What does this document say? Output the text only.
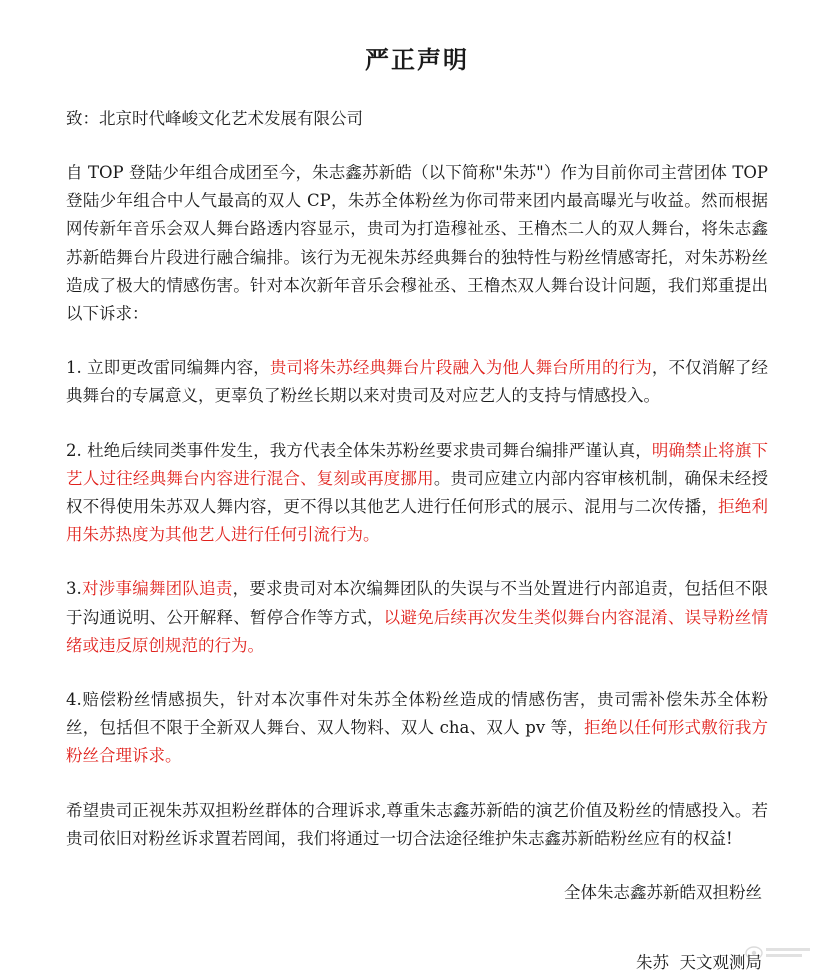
严正声明
致：北京时代峰峻文化艺术发展有限公司

自 TOP 登陆少年组合成团至今，朱志鑫苏新皓（以下简称"朱苏"）作为目前你司主营团体 TOP 登陆少年组合中人气最高的双人 CP，朱苏全体粉丝为你司带来团内最高曝光与收益。然而根据网传新年音乐会双人舞台路透内容显示，贵司为打造穆祉丞、王橹杰二人的双人舞台，将朱志鑫苏新皓舞台片段进行融合编排。该行为无视朱苏经典舞台的独特性与粉丝情感寄托，对朱苏粉丝造成了极大的情感伤害。针对本次新年音乐会穆祉丞、王橹杰双人舞台设计问题，我们郑重提出以下诉求：

1. 立即更改雷同编舞内容，贵司将朱苏经典舞台片段融入为他人舞台所用的行为，不仅消解了经典舞台的专属意义，更辜负了粉丝长期以来对贵司及对应艺人的支持与情感投入。

2. 杜绝后续同类事件发生，我方代表全体朱苏粉丝要求贵司舞台编排严谨认真，明确禁止将旗下艺人过往经典舞台内容进行混合、复刻或再度挪用。贵司应建立内部内容审核机制，确保未经授权不得使用朱苏双人舞内容，更不得以其他艺人进行任何形式的展示、混用与二次传播，拒绝利用朱苏热度为其他艺人进行任何引流行为。

3.对涉事编舞团队追责，要求贵司对本次编舞团队的失误与不当处置进行内部追责，包括但不限于沟通说明、公开解释、暂停合作等方式，以避免后续再次发生类似舞台内容混淆、误导粉丝情绪或违反原创规范的行为。

4.赔偿粉丝情感损失，针对本次事件对朱苏全体粉丝造成的情感伤害，贵司需补偿朱苏全体粉丝，包括但不限于全新双人舞台、双人物料、双人 cha、双人 pv 等，拒绝以任何形式敷衍我方粉丝合理诉求。

希望贵司正视朱苏双担粉丝群体的合理诉求,尊重朱志鑫苏新皓的演艺价值及粉丝的情感投入。若贵司依旧对粉丝诉求置若罔闻，我们将通过一切合法途径维护朱志鑫苏新皓粉丝应有的权益!

全体朱志鑫苏新皓双担粉丝

朱苏  天文观测局
